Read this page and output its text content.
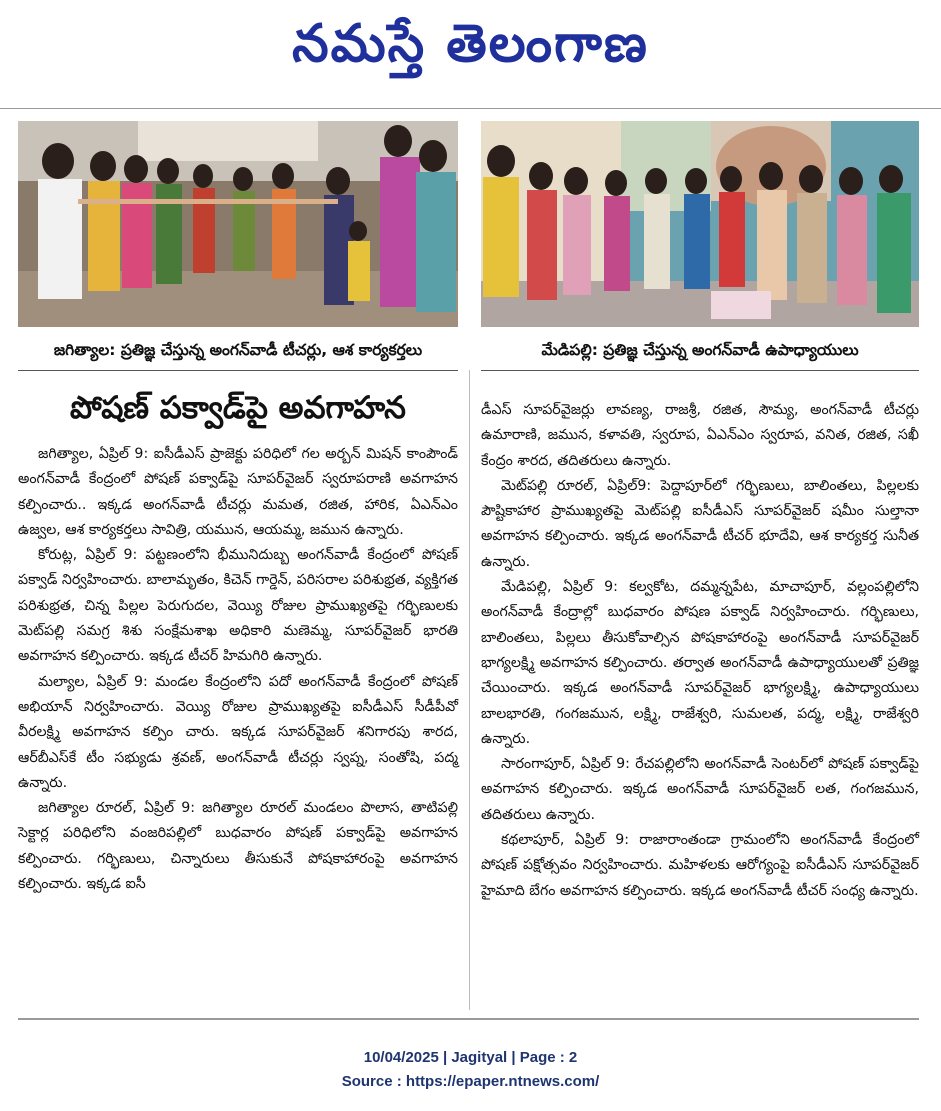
నమస్తే తెలంగాణ
జగిత్యాల: ప్రతిజ్ఞ చేస్తున్న అంగన్‌వాడీ టీచర్లు, ఆశ కార్యకర్తలు	మేడిపల్లి: ప్రతిజ్ఞ చేస్తున్న అంగన్‌వాడీ ఉపాధ్యాయులు
పోషణ్ పక్వాడ్‌పై అవగాహన

జగిత్యాల, ఏప్రిల్ 9: ఐసీడీఎస్ ప్రాజెక్టు పరిధిలో గల అర్బన్ మిషన్ కాంపౌండ్ అంగన్‌వాడీ కేంద్రంలో పోషణ్ పక్వాడ్‌పై సూపర్‌వైజర్ స్వరూపరాణి అవగాహన కల్పించారు.. ఇక్కడ అంగన్‌వాడీ టీచర్లు మమత, రజిత, హారిక, ఏఎన్ఎం ఉజ్వల, ఆశ కార్యకర్తలు సావిత్రి, యమున, ఆయమ్మ, జమున ఉన్నారు.

కోరుట్ల, ఏప్రిల్ 9: పట్టణంలోని భీమునిదుబ్బ అంగన్‌వాడీ కేంద్రంలో పోషణ్ పక్వాడ్ నిర్వహించారు. బాలామృతం, కిచెన్ గార్డెన్, పరిసరాల పరిశుభ్రత, వ్యక్తిగత పరిశుభ్రత, చిన్న పిల్లల పెరుగుదల, వెయ్యి రోజుల ప్రాముఖ్యతపై గర్భిణులకు మెట్‌పల్లి సమగ్ర శిశు సంక్షేమశాఖ అధికారి మణెమ్మ, సూపర్‌వైజర్ భారతి అవగాహన కల్పించారు. ఇక్కడ టీచర్ హిమగిరి ఉన్నారు.

మల్యాల, ఏప్రిల్ 9: మండల కేంద్రంలోని పదో అంగన్‌వాడీ కేంద్రంలో పోషణ్ అభియాన్ నిర్వహించారు. వెయ్యి రోజుల ప్రాముఖ్యతపై ఐసీడీఎస్ సీడీపీవో వీరలక్ష్మి అవగాహన కల్పిం చారు. ఇక్కడ సూపర్‌వైజర్ శనిగారపు శారద, ఆర్‌బీఎస్‌కే టీం సభ్యుడు శ్రవణ్, అంగన్‌వాడీ టీచర్లు స్వప్న, సంతోషి, పద్మ ఉన్నారు.

జగిత్యాల రూరల్, ఏప్రిల్ 9: జగిత్యాల రూరల్ మండలం పొలాస, తాటిపల్లి సెక్టార్ల పరిధిలోని వంజరిపల్లిలో బుధవారం పోషణ్ పక్వాడ్‌పై అవగాహన కల్పించారు. గర్భిణులు, చిన్నారులు తీసుకునే పోషకాహారంపై అవగాహన కల్పించారు. ఇక్కడ ఐసీ

డీఎస్ సూపర్‌వైజర్లు లావణ్య, రాజశ్రీ, రజిత, సౌమ్య, అంగన్‌వాడీ టీచర్లు ఉమారాణి, జమున, కళావతి, స్వరూప, ఏఎన్ఎం స్వరూప, వనిత, రజిత, సఖీ కేంద్రం శారద, తదితరులు ఉన్నారు.

మెట్‌పల్లి రూరల్, ఏప్రిల్9: పెద్దాపూర్‌లో గర్భిణులు, బాలింతలు, పిల్లలకు పౌష్టికాహార ప్రాముఖ్యతపై మెట్‌పల్లి ఐసీడీఎస్ సూపర్‌వైజర్ షమీం సుల్తానా అవగాహన కల్పించారు. ఇక్కడ అంగన్‌వాడీ టీచర్ భూదేవి, ఆశ కార్యకర్త సునీత ఉన్నారు.

మేడిపల్లి, ఏప్రిల్ 9: కల్వకోట, దమ్మన్నపేట, మాచాపూర్, వల్లంపల్లిలోని అంగన్‌వాడీ కేంద్రాల్లో బుధవారం పోషణ పక్వాడ్ నిర్వహించారు. గర్భిణులు, బాలింతలు, పిల్లలు తీసుకోవాల్సిన పోషకాహారంపై అంగన్‌వాడీ సూపర్‌వైజర్ భాగ్యలక్ష్మి అవగాహన కల్పించారు. తర్వాత అంగన్‌వాడీ ఉపాధ్యాయులతో ప్రతిజ్ఞ చేయించారు. ఇక్కడ అంగన్‌వాడీ సూపర్‌వైజర్ భాగ్యలక్ష్మి, ఉపాధ్యాయులు బాలభారతి, గంగజమున, లక్ష్మి, రాజేశ్వరి, సుమలత, పద్మ, లక్ష్మి, రాజేశ్వరి ఉన్నారు.

సారంగాపూర్, ఏప్రిల్ 9: రేచపల్లిలోని అంగన్‌వాడీ సెంటర్‌లో పోషణ్ పక్వాడ్‌పై అవగాహన కల్పించారు. ఇక్కడ అంగన్‌వాడీ సూపర్‌వైజర్ లత, గంగజమున, తదితరులు ఉన్నారు.

కథలాపూర్, ఏప్రిల్ 9: రాజారాంతండా గ్రామంలోని అంగన్‌వాడీ కేంద్రంలో పోషణ్ పక్షోత్సవం నిర్వహించారు. మహిళలకు ఆరోగ్యంపై ఐసీడీఎస్ సూపర్‌వైజర్ హైమాది బేగం అవగాహన కల్పించారు. ఇక్కడ అంగన్‌వాడీ టీచర్ సంధ్య ఉన్నారు.

10/04/2025 | Jagityal | Page : 2
Source : https://epaper.ntnews.com/
